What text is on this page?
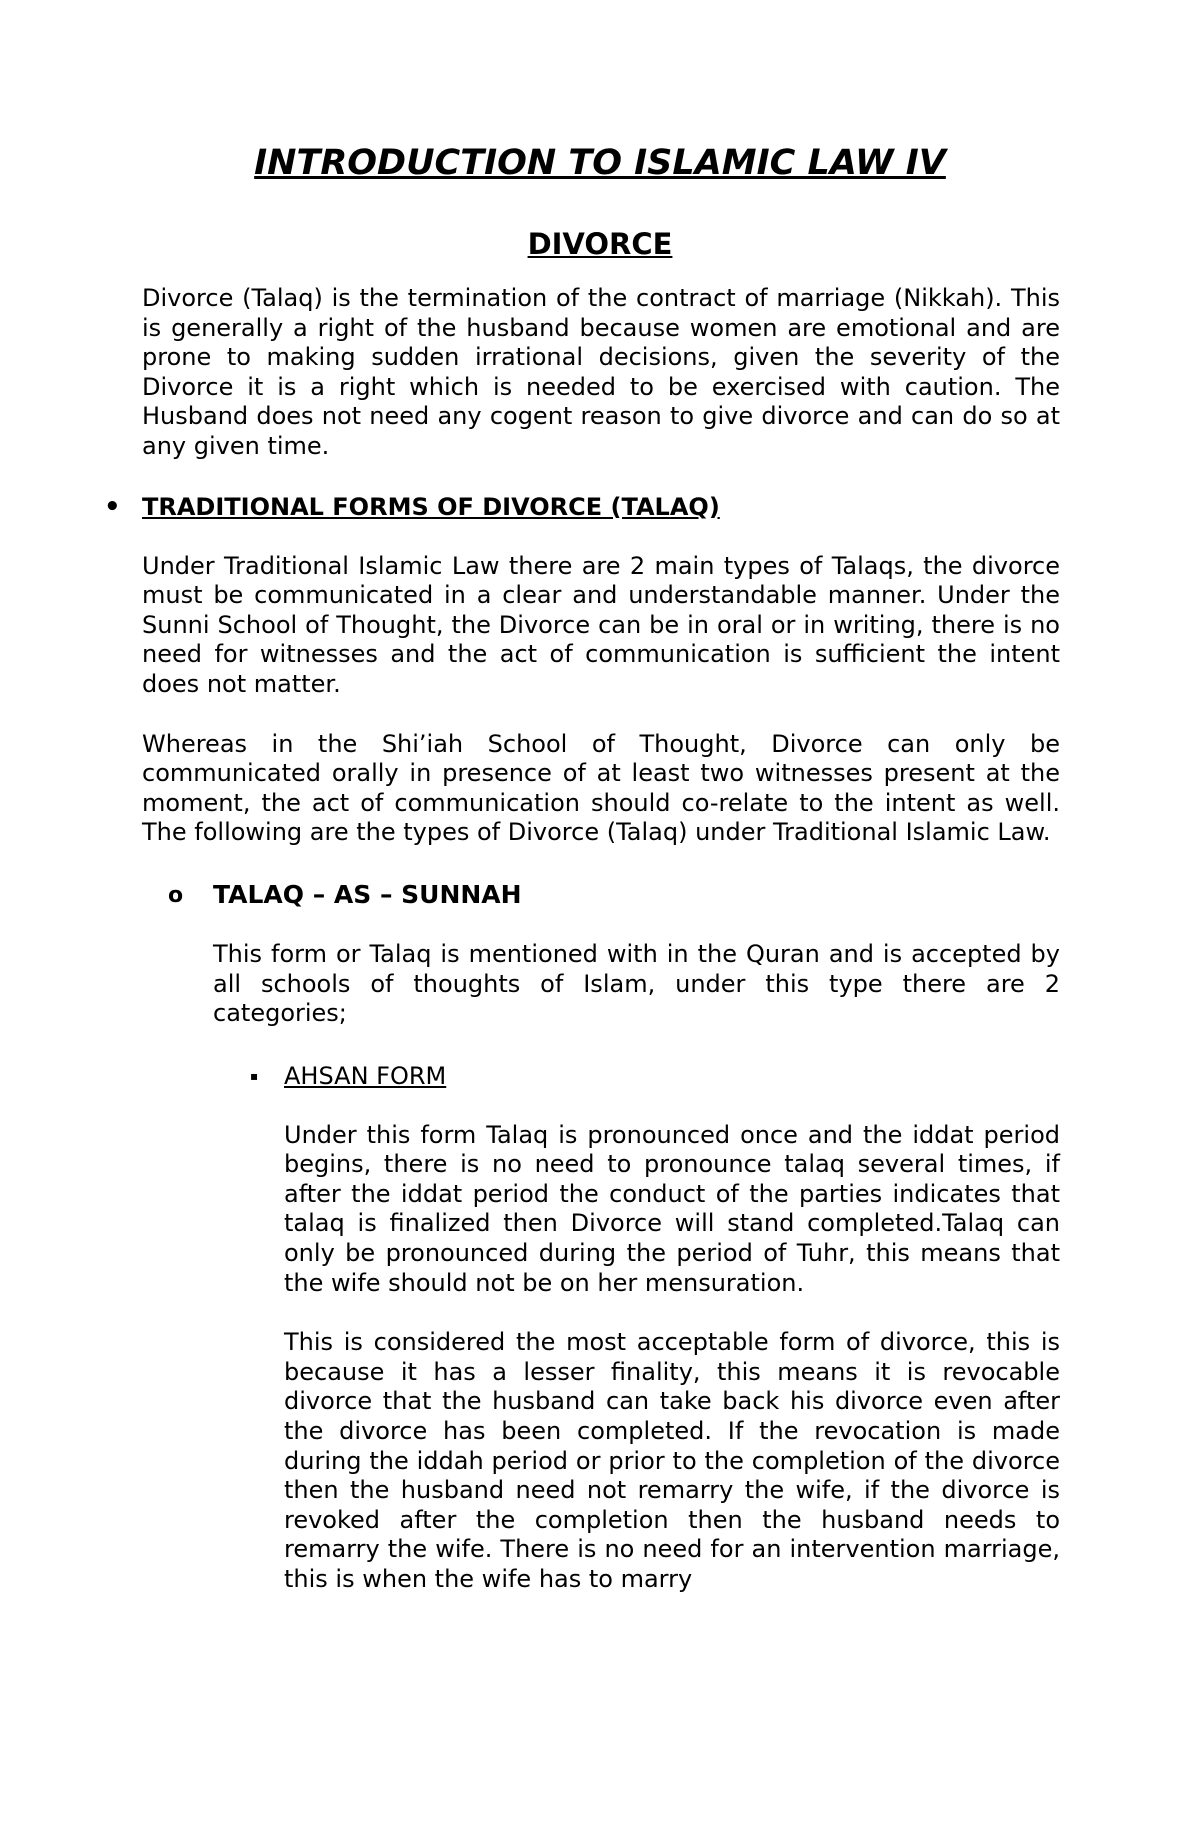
INTRODUCTION TO ISLAMIC LAW IV
DIVORCE

Divorce (Talaq) is the termination of the contract of marriage (Nikkah). This is generally a right of the husband because women are emotional and are prone to making sudden irrational decisions, given the severity of the Divorce it is a right which is needed to be exercised with caution. The Husband does not need any cogent reason to give divorce and can do so at any given time.

• TRADITIONAL FORMS OF DIVORCE (TALAQ)

Under Traditional Islamic Law there are 2 main types of Talaqs, the divorce must be communicated in a clear and understandable manner. Under the Sunni School of Thought, the Divorce can be in oral or in writing, there is no need for witnesses and the act of communication is sufficient the intent does not matter.

Whereas in the Shi’iah School of Thought, Divorce can only be communicated orally in presence of at least two witnesses present at the moment, the act of communication should co-relate to the intent as well. The following are the types of Divorce (Talaq) under Traditional Islamic Law.

o TALAQ – AS – SUNNAH

This form or Talaq is mentioned with in the Quran and is accepted by all schools of thoughts of Islam, under this type there are 2 categories;

▪ AHSAN FORM

Under this form Talaq is pronounced once and the iddat period begins, there is no need to pronounce talaq several times, if after the iddat period the conduct of the parties indicates that talaq is finalized then Divorce will stand completed.Talaq can only be pronounced during the period of Tuhr, this means that the wife should not be on her mensuration.

This is considered the most acceptable form of divorce, this is because it has a lesser finality, this means it is revocable divorce that the husband can take back his divorce even after the divorce has been completed. If the revocation is made during the iddah period or prior to the completion of the divorce then the husband need not remarry the wife, if the divorce is revoked after the completion then the husband needs to remarry the wife. There is no need for an intervention marriage, this is when the wife has to marry
